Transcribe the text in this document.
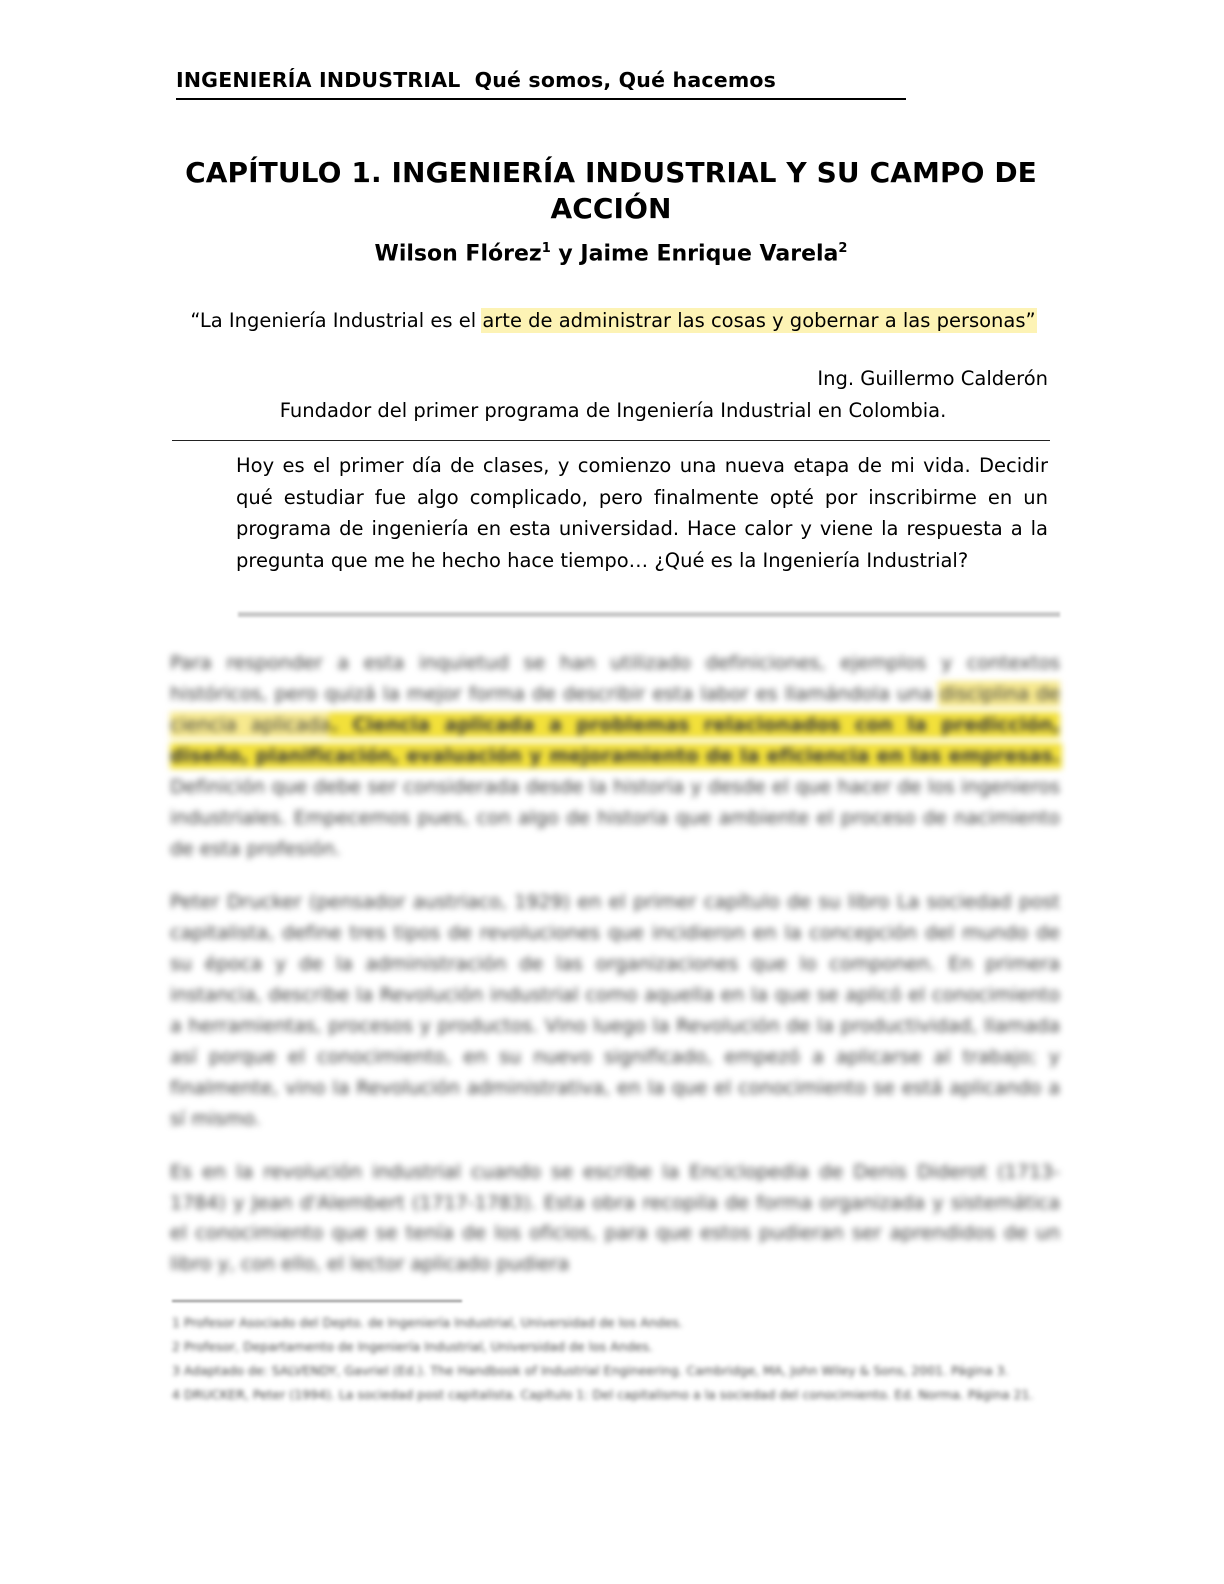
INGENIERÍA INDUSTRIAL Qué somos, Qué hacemos
CAPÍTULO 1. INGENIERÍA INDUSTRIAL Y SU CAMPO DE ACCIÓN
Wilson Flórez$^1$ y Jaime Enrique Varela$^2$
“La Ingeniería Industrial es el arte de administrar las cosas y gobernar a las personas”
Ing. Guillermo Calderón
Fundador del primer programa de Ingeniería Industrial en Colombia.
Hoy es el primer día de clases, y comienzo una nueva etapa de mi vida. Decidir qué estudiar fue algo complicado, pero finalmente opté por inscribirme en un programa de ingeniería en esta universidad. Hace calor y viene la respuesta a la pregunta que me he hecho hace tiempo… ¿Qué es la Ingeniería Industrial?

Para responder a esta inquietud se han utilizado definiciones, ejemplos y contextos históricos, pero quizá la mejor forma de describir esta labor es llamándola una disciplina de ciencia aplicada. Ciencia aplicada a problemas relacionados con la predicción, diseño, planificación, evaluación y mejoramiento de la eficiencia en las empresas. Definición que debe ser considerada desde la historia y desde el que hacer de los ingenieros industriales. Empecemos pues, con algo de historia que ambiente el proceso de nacimiento de esta profesión.

Peter Drucker (pensador austriaco, 1929) en el primer capítulo de su libro La sociedad post capitalista, define tres tipos de revoluciones que incidieron en la concepción del mundo de su época y de la administración de las organizaciones que lo componen. En primera instancia, describe la Revolución industrial como aquella en la que se aplicó el conocimiento a herramientas, procesos y productos. Vino luego la Revolución de la productividad, llamada así porque el conocimiento, en su nuevo significado, empezó a aplicarse al trabajo; y finalmente, vino la Revolución administrativa, en la que el conocimiento se está aplicando a sí mismo.

Es en la revolución industrial cuando se escribe la Enciclopedia de Denis Diderot (1713-1784) y Jean d'Alembert (1717-1783). Esta obra recopila de forma organizada y sistemática el conocimiento que se tenía de los oficios, para que estos pudieran ser aprendidos de un libro y, con ello, el lector aplicado pudiera

1 Profesor Asociado del Depto. de Ingeniería Industrial, Universidad de los Andes.
2 Profesor, Departamento de Ingeniería Industrial, Universidad de los Andes.
3 Adaptado de: SALVENDY, Gavriel (Ed.). The Handbook of Industrial Engineering. Cambridge, MA, John Wiley & Sons, 2001. Página 3.
4 DRUCKER, Peter (1994). La sociedad post capitalista. Capítulo 1: Del capitalismo a la sociedad del conocimiento. Ed. Norma. Página 21.
